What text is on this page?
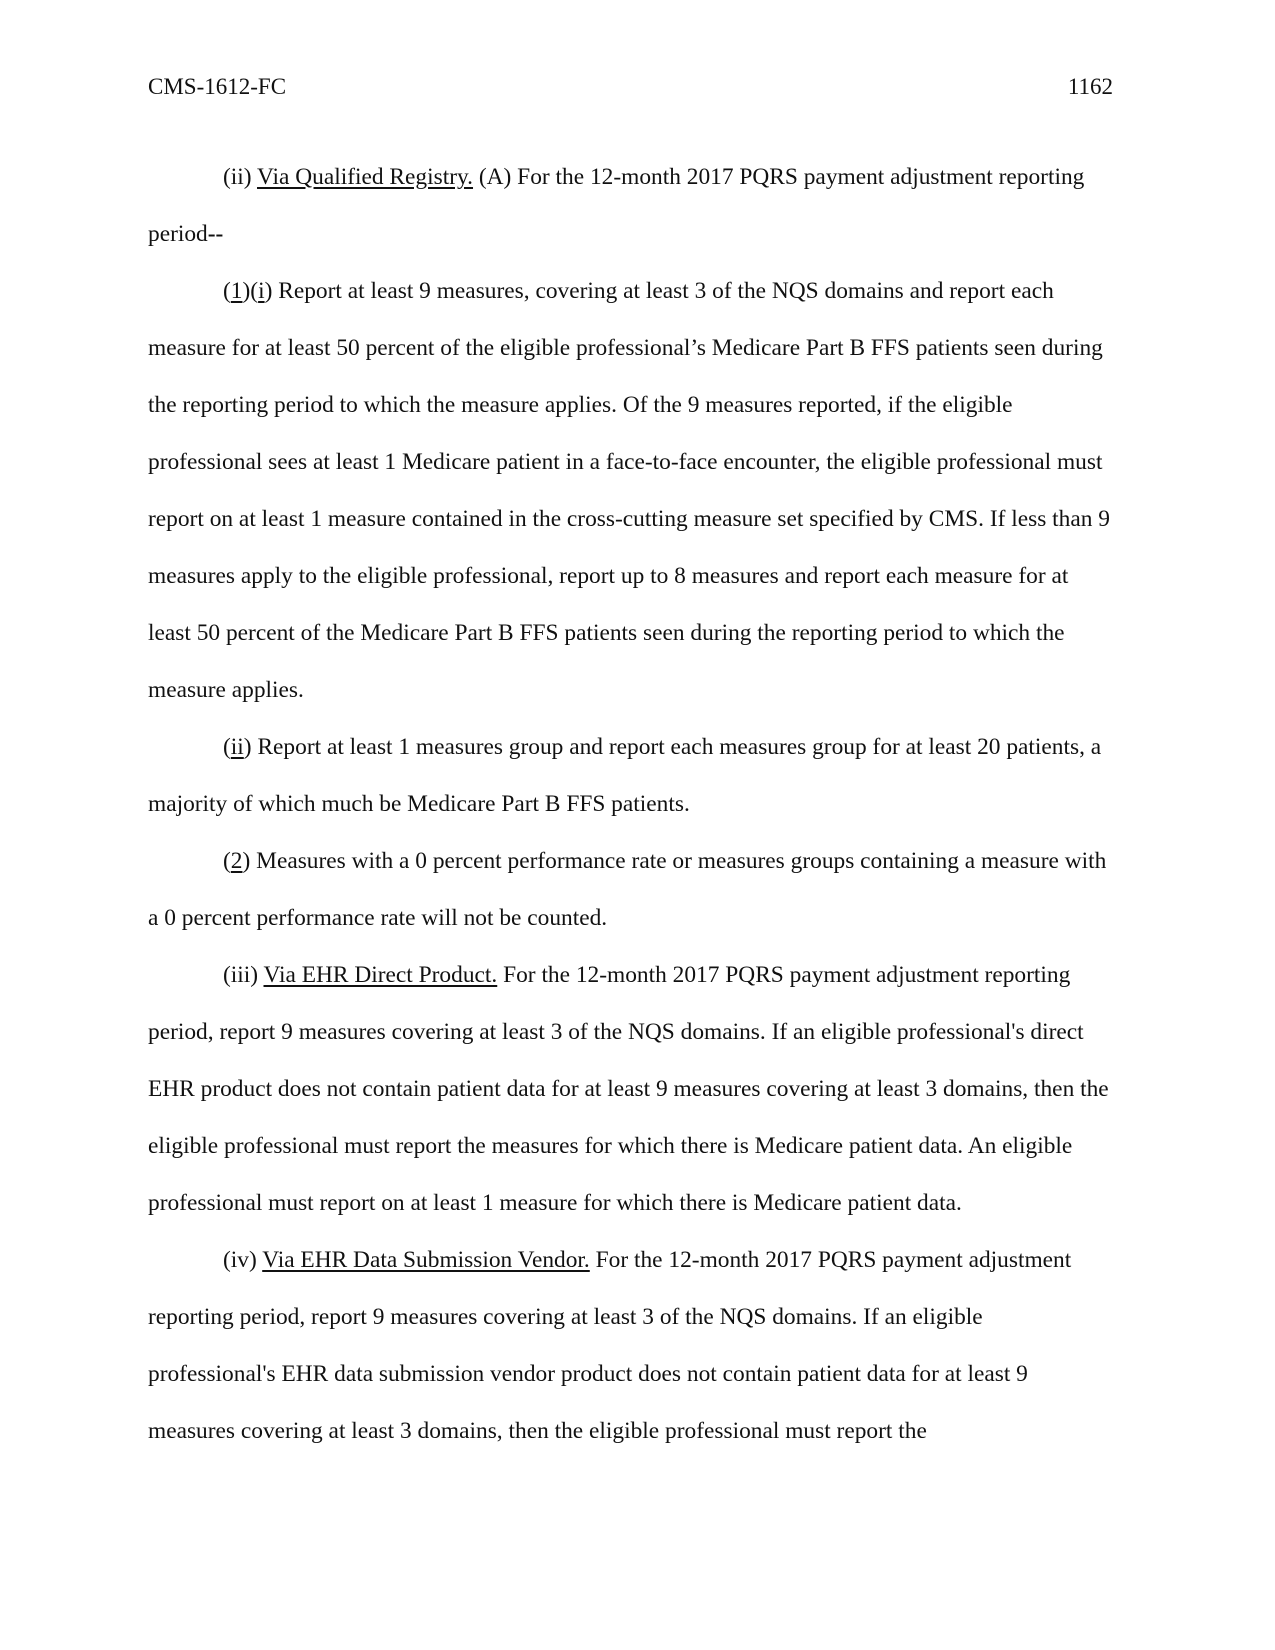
CMS-1612-FC	1162

(ii) Via Qualified Registry. (A) For the 12-month 2017 PQRS payment adjustment reporting period--

(1)(i) Report at least 9 measures, covering at least 3 of the NQS domains and report each measure for at least 50 percent of the eligible professional’s Medicare Part B FFS patients seen during the reporting period to which the measure applies. Of the 9 measures reported, if the eligible professional sees at least 1 Medicare patient in a face-to-face encounter, the eligible professional must report on at least 1 measure contained in the cross-cutting measure set specified by CMS. If less than 9 measures apply to the eligible professional, report up to 8 measures and report each measure for at least 50 percent of the Medicare Part B FFS patients seen during the reporting period to which the measure applies.

(ii) Report at least 1 measures group and report each measures group for at least 20 patients, a majority of which much be Medicare Part B FFS patients.

(2) Measures with a 0 percent performance rate or measures groups containing a measure with a 0 percent performance rate will not be counted.

(iii) Via EHR Direct Product. For the 12-month 2017 PQRS payment adjustment reporting period, report 9 measures covering at least 3 of the NQS domains. If an eligible professional's direct EHR product does not contain patient data for at least 9 measures covering at least 3 domains, then the eligible professional must report the measures for which there is Medicare patient data. An eligible professional must report on at least 1 measure for which there is Medicare patient data.

(iv) Via EHR Data Submission Vendor. For the 12-month 2017 PQRS payment adjustment reporting period, report 9 measures covering at least 3 of the NQS domains. If an eligible professional's EHR data submission vendor product does not contain patient data for at least 9 measures covering at least 3 domains, then the eligible professional must report the
